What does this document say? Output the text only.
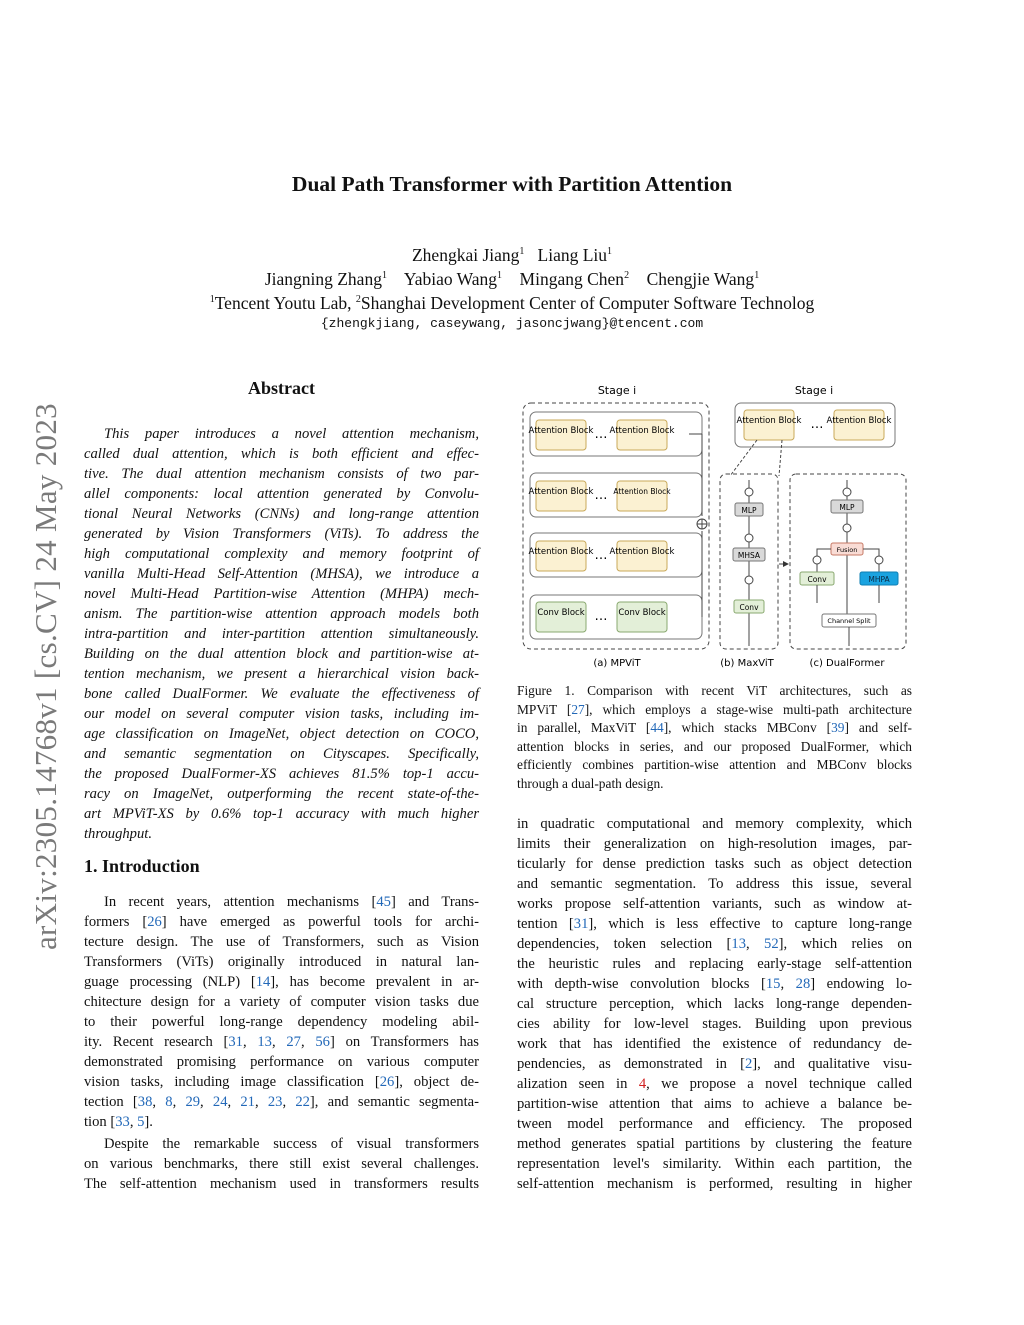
arXiv:2305.14768v1 [cs.CV] 24 May 2023
Dual Path Transformer with Partition Attention
Zhengkai Jiang$^1$ Liang Liu$^1$
Jiangning Zhang$^1$ Yabiao Wang$^1$ Mingang Chen$^2$ Chengjie Wang$^1$
$^1$Tencent Youtu Lab, $^2$Shanghai Development Center of Computer Software Technolog
{zhengkjiang, caseywang, jasoncjwang}@tencent.com
Abstract
This paper introduces a novel attention mechanism,
called dual attention, which is both efficient and effec-
tive. The dual attention mechanism consists of two par-
allel components: local attention generated by Convolu-
tional Neural Networks (CNNs) and long-range attention
generated by Vision Transformers (ViTs). To address the
high computational complexity and memory footprint of
vanilla Multi-Head Self-Attention (MHSA), we introduce a
novel Multi-Head Partition-wise Attention (MHPA) mech-
anism. The partition-wise attention approach models both
intra-partition and inter-partition attention simultaneously.
Building on the dual attention block and partition-wise at-
tention mechanism, we present a hierarchical vision back-
bone called DualFormer. We evaluate the effectiveness of
our model on several computer vision tasks, including im-
age classification on ImageNet, object detection on COCO,
and semantic segmentation on Cityscapes. Specifically,
the proposed DualFormer-XS achieves 81.5% top-1 accu-
racy on ImageNet, outperforming the recent state-of-the-
art MPViT-XS by 0.6% top-1 accuracy with much higher
throughput.
1. Introduction
In recent years, attention mechanisms [45] and Trans-
formers [26] have emerged as powerful tools for archi-
tecture design. The use of Transformers, such as Vision
Transformers (ViTs) originally introduced in natural lan-
guage processing (NLP) [14], has become prevalent in ar-
chitecture design for a variety of computer vision tasks due
to their powerful long-range dependency modeling abil-
ity. Recent research [31, 13, 27, 56] on Transformers has
demonstrated promising performance on various computer
vision tasks, including image classification [26], object de-
tection [38, 8, 29, 24, 21, 23, 22], and semantic segmenta-
tion [33, 5].
Despite the remarkable success of visual transformers
on various benchmarks, there still exist several challenges.
The self-attention mechanism used in transformers results
in quadratic computational and memory complexity, which
limits their generalization on high-resolution images, par-
ticularly for dense prediction tasks such as object detection
and semantic segmentation. To address this issue, several
works propose self-attention variants, such as window at-
tention [31], which is less effective to capture long-range
dependencies, token selection [13, 52], which relies on
the heuristic rules and replacing early-stage self-attention
with depth-wise convolution blocks [15, 28] endowing lo-
cal structure perception, which lacks long-range dependen-
cies ability for low-level stages. Building upon previous
work that has identified the existence of redundancy de-
pendencies, as demonstrated in [2], and qualitative visu-
alization seen in 4, we propose a novel technique called
partition-wise attention that aims to achieve a balance be-
tween model performance and efficiency. The proposed
method generates spatial partitions by clustering the feature
representation level's similarity. Within each partition, the
self-attention mechanism is performed, resulting in higher
Stage i	Stage i
Attention Block … Attention Block
Attention Block … Attention Block
Attention Block … Attention Block
Conv Block … Conv Block
Attention Block … Attention Block
MLP
MHSA
Conv
MLP
Fusion
Conv	MHPA
Channel Split
(a) MPViT	(b) MaxViT	(c) DualFormer
Figure 1. Comparison with recent ViT architectures, such as
MPViT [27], which employs a stage-wise multi-path architecture
in parallel, MaxViT [44], which stacks MBConv [39] and self-
attention blocks in series, and our proposed DualFormer, which
efficiently combines partition-wise attention and MBConv blocks
through a dual-path design.
